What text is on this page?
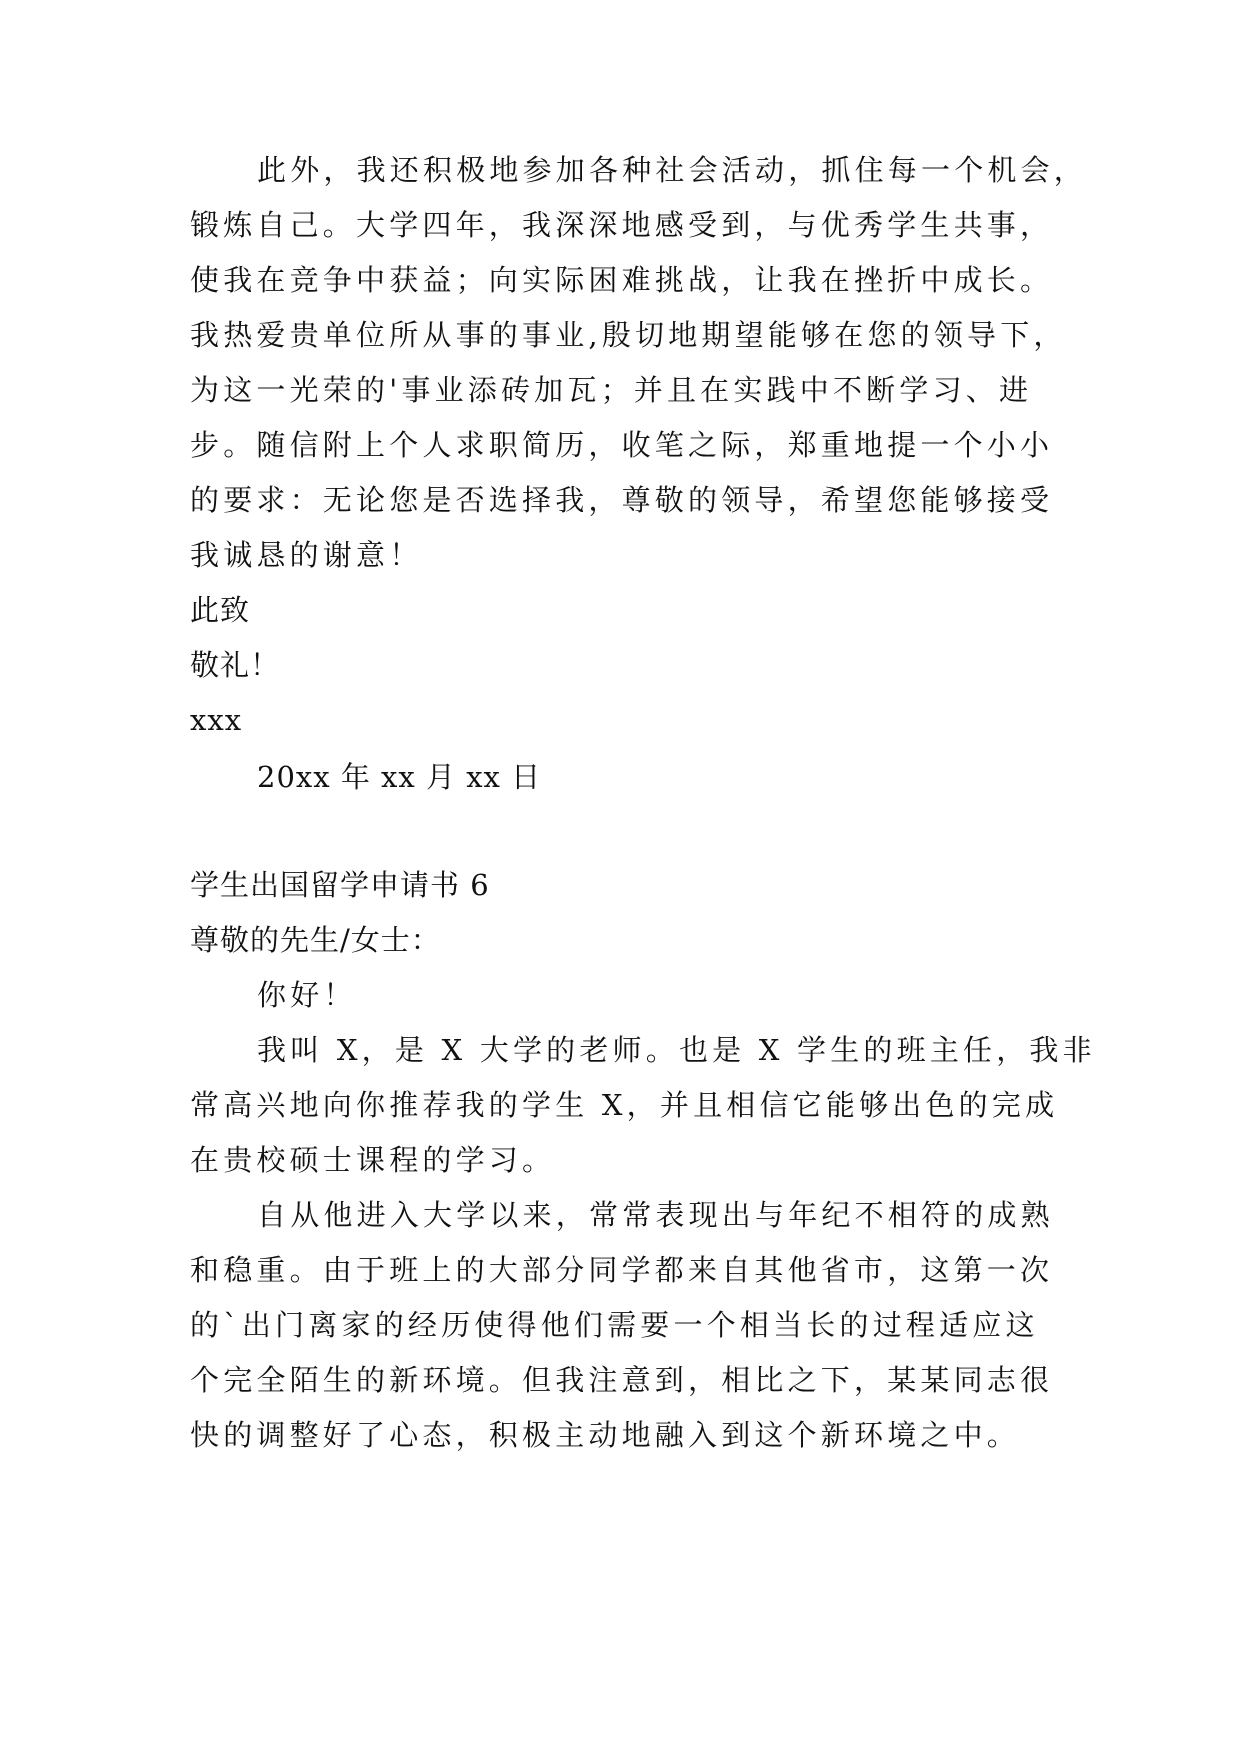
此外，我还积极地参加各种社会活动，抓住每一个机会，
锻炼自己。大学四年，我深深地感受到，与优秀学生共事，
使我在竞争中获益；向实际困难挑战，让我在挫折中成长。
我热爱贵单位所从事的事业,殷切地期望能够在您的领导下，
为这一光荣的'事业添砖加瓦；并且在实践中不断学习、进
步。随信附上个人求职简历，收笔之际，郑重地提一个小小
的要求：无论您是否选择我，尊敬的领导，希望您能够接受
我诚恳的谢意！
此致
敬礼！
xxx
20xx 年 xx 月 xx 日
学生出国留学申请书 6
尊敬的先生/女士：
你好！
我叫 X，是 X 大学的老师。也是 X 学生的班主任，我非
常高兴地向你推荐我的学生 X，并且相信它能够出色的完成
在贵校硕士课程的学习。
自从他进入大学以来，常常表现出与年纪不相符的成熟
和稳重。由于班上的大部分同学都来自其他省市，这第一次
的`出门离家的经历使得他们需要一个相当长的过程适应这
个完全陌生的新环境。但我注意到，相比之下，某某同志很
快的调整好了心态，积极主动地融入到这个新环境之中。
